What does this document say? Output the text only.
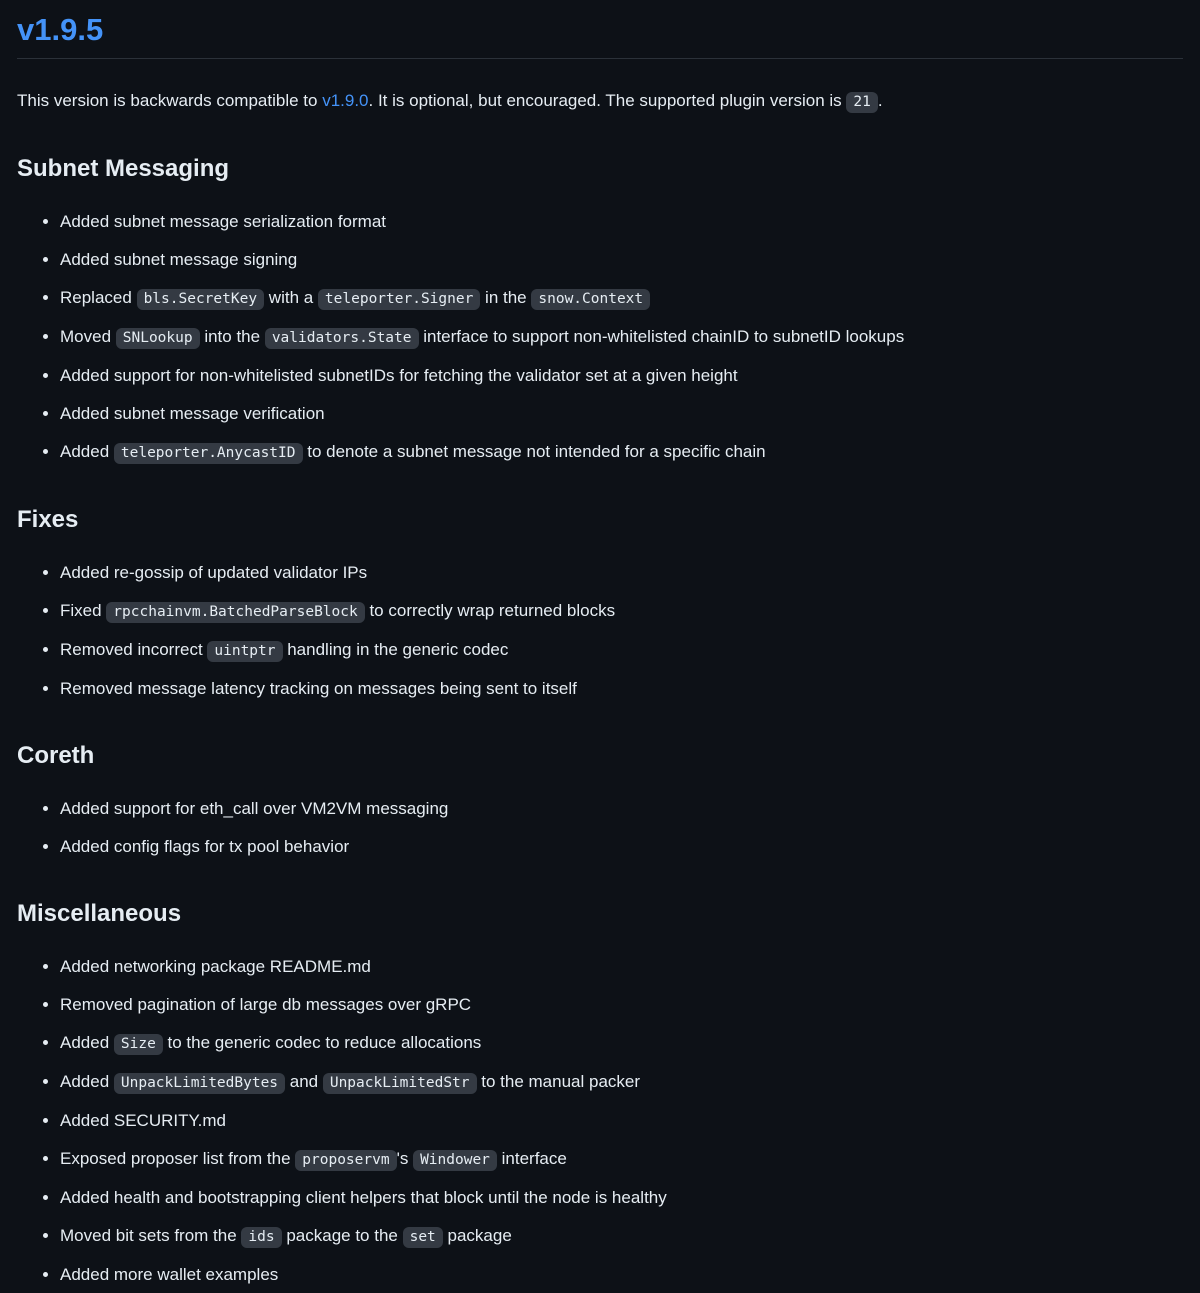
v1.9.5

This version is backwards compatible to v1.9.0. It is optional, but encouraged. The supported plugin version is 21 .

Subnet Messaging
• Added subnet message serialization format
• Added subnet message signing
• Replaced bls.SecretKey with a teleporter.Signer in the snow.Context
• Moved SNLookup into the validators.State interface to support non-whitelisted chainID to subnetID lookups
• Added support for non-whitelisted subnetIDs for fetching the validator set at a given height
• Added subnet message verification
• Added teleporter.AnycastID to denote a subnet message not intended for a specific chain
Fixes
• Added re-gossip of updated validator IPs
• Fixed rpcchainvm.BatchedParseBlock to correctly wrap returned blocks
• Removed incorrect uintptr handling in the generic codec
• Removed message latency tracking on messages being sent to itself
Coreth
• Added support for eth_call over VM2VM messaging
• Added config flags for tx pool behavior
Miscellaneous
• Added networking package README.md
• Removed pagination of large db messages over gRPC
• Added Size to the generic codec to reduce allocations
• Added UnpackLimitedBytes and UnpackLimitedStr to the manual packer
• Added SECURITY.md
• Exposed proposer list from the proposervm 's Windower interface
• Added health and bootstrapping client helpers that block until the node is healthy
• Moved bit sets from the ids package to the set package
• Added more wallet examples
